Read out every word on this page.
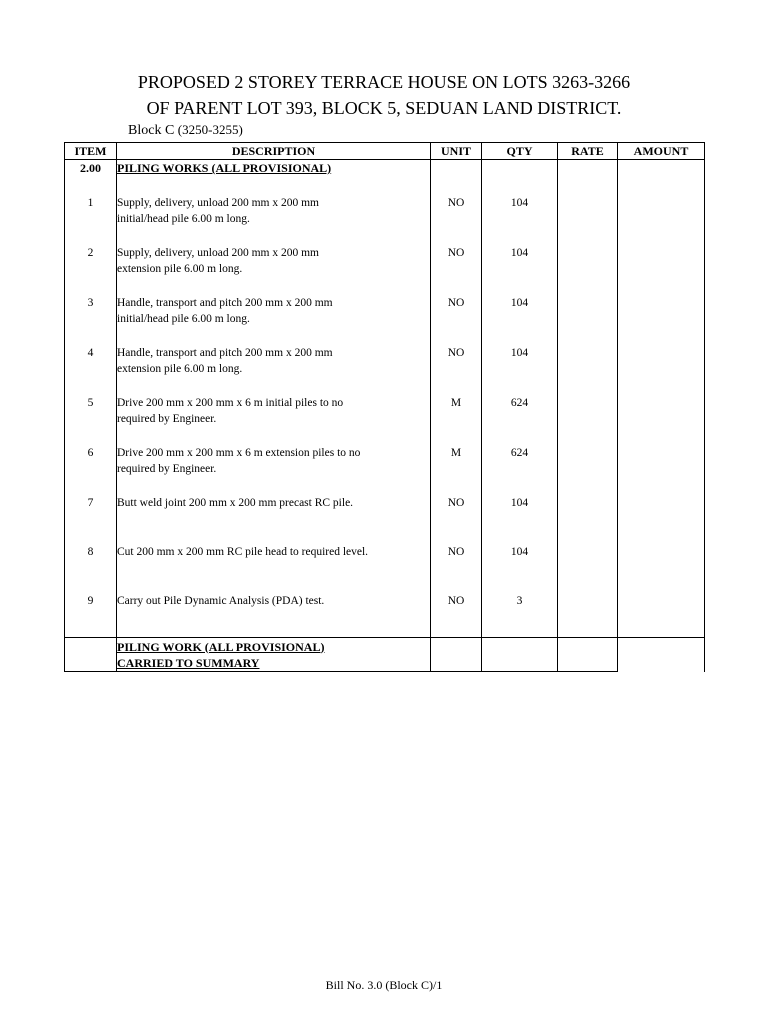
PROPOSED 2 STOREY TERRACE HOUSE ON LOTS 3263-3266
OF PARENT LOT 393, BLOCK 5, SEDUAN LAND DISTRICT.
Block C (3250-3255)
ITEM	DESCRIPTION	UNIT	QTY	RATE	AMOUNT
2.00	PILING WORKS (ALL PROVISIONAL)				
1	Supply, delivery, unload 200 mm x 200 mm
initial/head pile 6.00 m long.	NO	104		
2	Supply, delivery, unload 200 mm x 200 mm
extension pile 6.00 m long.	NO	104		
3	Handle, transport and pitch 200 mm x 200 mm
initial/head pile 6.00 m long.	NO	104		
4	Handle, transport and pitch 200 mm x 200 mm
extension pile 6.00 m long.	NO	104		
5	Drive 200 mm x 200 mm x 6 m initial piles to no
required by Engineer.	M	624		
6	Drive 200 mm x 200 mm x 6 m extension piles to no
required by Engineer.	M	624		
7	Butt weld joint 200 mm x 200 mm precast RC pile.	NO	104		
8	Cut 200 mm x 200 mm RC pile head to required level.	NO	104		
9	Carry out Pile Dynamic Analysis (PDA) test.	NO	3		

	PILING WORK (ALL PROVISIONAL)
CARRIED TO SUMMARY				

Bill No. 3.0 (Block C)/1
